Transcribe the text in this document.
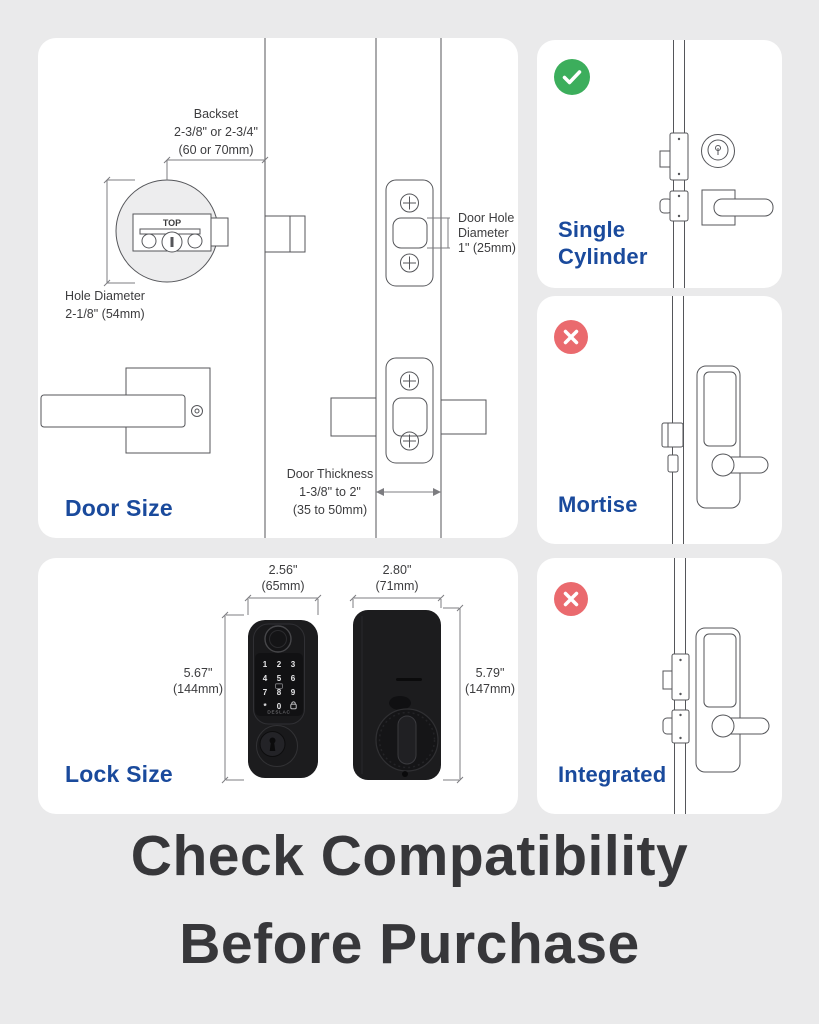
TOP
Backset
2-3/8" or 2-3/4"
(60 or 70mm)
Hole Diameter
2-1/8" (54mm)
Door Hole
Diameter
1" (25mm)
Door Thickness
1-3/8" to 2"
(35 to 50mm)
Door Size
Single
Cylinder
Mortise
1 2 3
4 5 6
7 8 9
* 0
DESLAC
2.56"
(65mm)
2.80"
(71mm)
5.67"
(144mm)
5.79"
(147mm)
Lock Size	Integrated
Check Compatibility
Before Purchase
